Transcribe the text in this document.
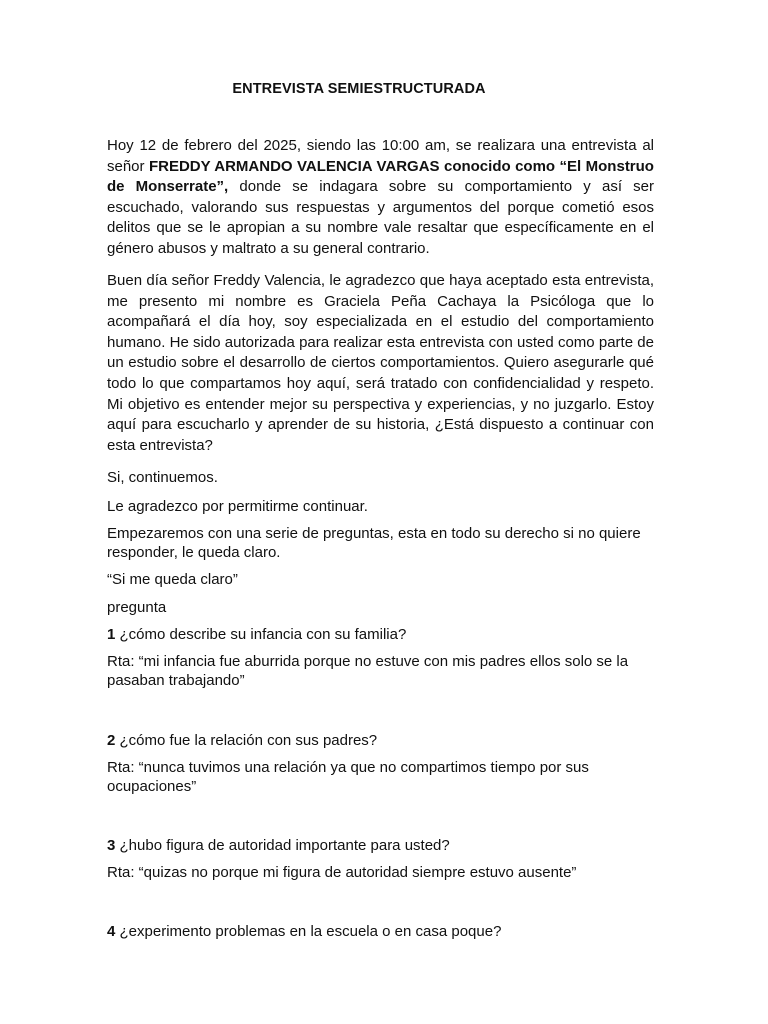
ENTREVISTA SEMIESTRUCTURADA

Hoy 12 de febrero del 2025, siendo las 10:00 am, se realizara una entrevista al señor FREDDY ARMANDO VALENCIA VARGAS conocido como “El Monstruo de Monserrate”, donde se indagara sobre su comportamiento y así ser escuchado, valorando sus respuestas y argumentos del porque cometió esos delitos que se le apropian a su nombre vale resaltar que específicamente en el género abusos y maltrato a su general contrario.

Buen día señor Freddy Valencia, le agradezco que haya aceptado esta entrevista, me presento mi nombre es Graciela Peña Cachaya la Psicóloga que lo acompañará el día hoy, soy especializada en el estudio del comportamiento humano. He sido autorizada para realizar esta entrevista con usted como parte de un estudio sobre el desarrollo de ciertos comportamientos. Quiero asegurarle qué todo lo que compartamos hoy aquí, será tratado con confidencialidad y respeto. Mi objetivo es entender mejor su perspectiva y experiencias, y no juzgarlo. Estoy aquí para escucharlo y aprender de su historia, ¿Está dispuesto a continuar con esta entrevista?

Si, continuemos.
Le agradezco por permitirme continuar.

Empezaremos con una serie de preguntas, esta en todo su derecho si no quiere responder, le queda claro.

“Si me queda claro”
pregunta
1 ¿cómo describe su infancia con su familia?

Rta: “mi infancia fue aburrida porque no estuve con mis padres ellos solo se la pasaban trabajando”

2 ¿cómo fue la relación con sus padres?

Rta: “nunca tuvimos una relación ya que no compartimos tiempo por sus ocupaciones”

3 ¿hubo figura de autoridad importante para usted?
Rta: “quizas no porque mi figura de autoridad siempre estuvo ausente”
4 ¿experimento problemas en la escuela o en casa poque?
